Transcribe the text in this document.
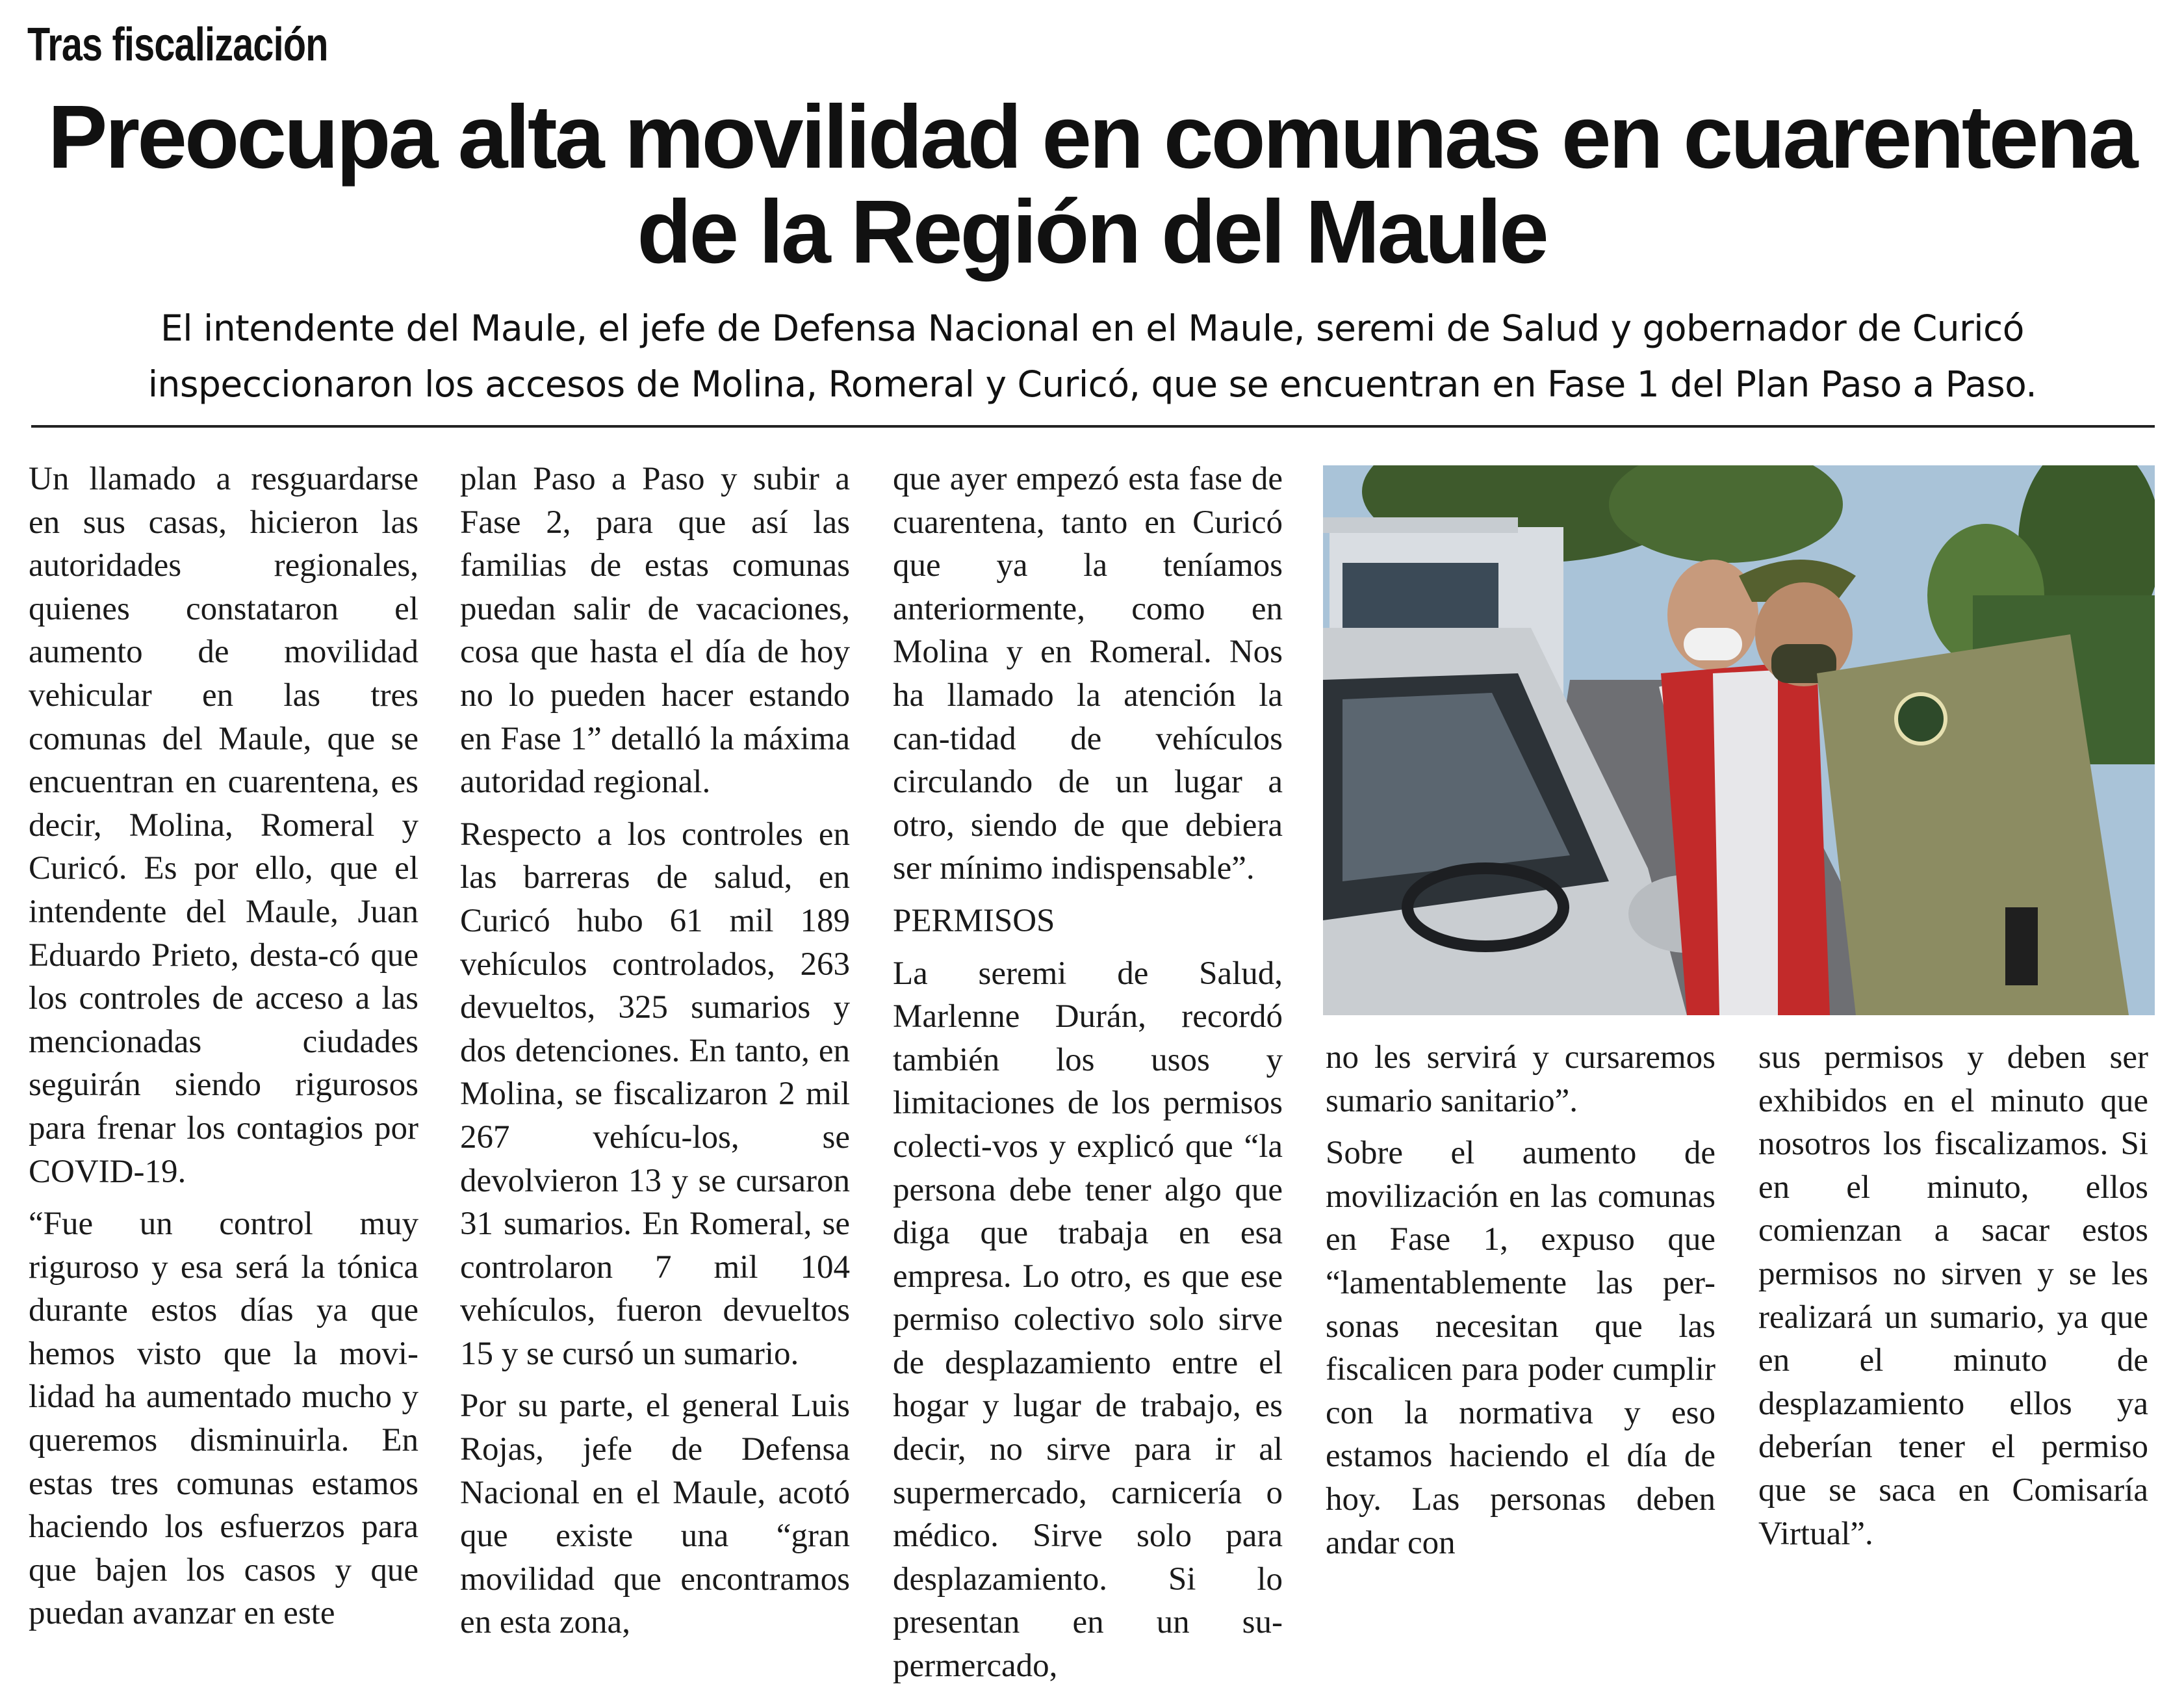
Tras fiscalización
Preocupa alta movilidad en comunas en cuarentena de la Región del Maule
El intendente del Maule, el jefe de Defensa Nacional en el Maule, seremi de Salud y gobernador de Curicó inspeccionaron los accesos de Molina, Romeral y Curicó, que se encuentran en Fase 1 del Plan Paso a Paso.

Un llamado a resguardarse en sus casas, hicieron las autoridades regionales, quienes constataron el aumento de movilidad vehicular en las tres comunas del Maule, que se encuentran en cuarentena, es decir, Molina, Romeral y Curicó. Es por ello, que el intendente del Maule, Juan Eduardo Prieto, desta-có que los controles de acceso a las mencionadas ciudades seguirán siendo rigurosos para frenar los contagios por COVID-19.

“Fue un control muy riguroso y esa será la tónica durante estos días ya que hemos visto que la movi-lidad ha aumentado mucho y queremos disminuirla. En estas tres comunas estamos haciendo los esfuerzos para que bajen los casos y que puedan avanzar en este

plan Paso a Paso y subir a Fase 2, para que así las familias de estas comunas puedan salir de vacaciones, cosa que hasta el día de hoy no lo pueden hacer estando en Fase 1” detalló la máxima autoridad regional.

Respecto a los controles en las barreras de salud, en Curicó hubo 61 mil 189 vehículos controlados, 263 devueltos, 325 sumarios y dos detenciones. En tanto, en Molina, se fiscalizaron 2 mil 267 vehícu-los, se devolvieron 13 y se cursaron 31 sumarios. En Romeral, se controlaron 7 mil 104 vehículos, fueron devueltos 15 y se cursó un sumario.

Por su parte, el general Luis Rojas, jefe de Defensa Nacional en el Maule, acotó que existe una “gran movilidad que encontramos en esta zona,

que ayer empezó esta fase de cuarentena, tanto en Curicó que ya la teníamos anteriormente, como en Molina y en Romeral. Nos ha llamado la atención la can-tidad de vehículos circulando de un lugar a otro, siendo de que debiera ser mínimo indispensable”.

PERMISOS

La seremi de Salud, Marlenne Durán, recordó también los usos y limitaciones de los permisos colecti-vos y explicó que “la persona debe tener algo que diga que trabaja en esa empresa. Lo otro, es que ese permiso colectivo solo sirve de desplazamiento entre el hogar y lugar de trabajo, es decir, no sirve para ir al supermercado, carnicería o médico. Sirve solo para desplazamiento. Si lo presentan en un su-permercado,

no les servirá y cursaremos sumario sanitario”.

Sobre el aumento de movilización en las comunas en Fase 1, expuso que “lamentablemente las per-sonas necesitan que las fiscalicen para poder cumplir con la normativa y eso estamos haciendo el día de hoy. Las personas deben andar con

sus permisos y deben ser exhibidos en el minuto que nosotros los fiscalizamos. Si en el minuto, ellos comienzan a sacar estos permisos no sirven y se les realizará un sumario, ya que en el minuto de desplazamiento ellos ya deberían tener el permiso que se saca en Comisaría Virtual”.
